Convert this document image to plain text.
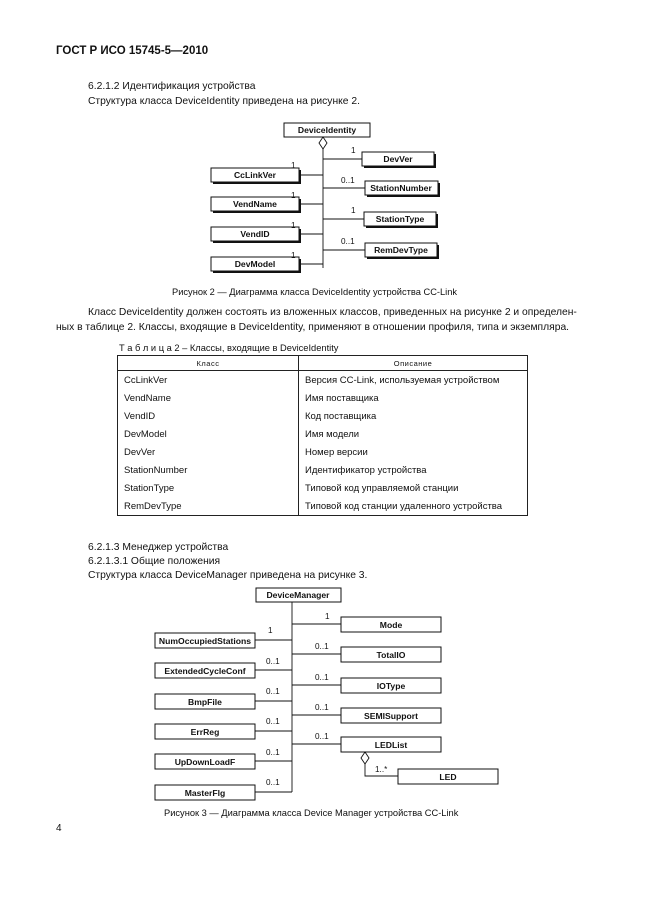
ГОСТ Р ИСО 15745-5—2010
6.2.1.2 Идентификация устройства
Структура класса DeviceIdentity приведена на рисунке 2.
DeviceIdentity
CcLinkVer
VendName
VendID
DevModel
1
1
1
1
DevVer
StationNumber
StationType
RemDevType
1
0..1
1
0..1
DeviceManager
NumOccupiedStations
ExtendedCycleConf
BmpFile
ErrReg
UpDownLoadF
MasterFlg
1
0..1
0..1
0..1
0..1
0..1
Mode
TotalIO
IOType
SEMISupport
LEDList
1
0..1
0..1
0..1
0..1
LED
1..*
Рисунок 2 — Диаграмма класса DeviceIdentity устройства CC-Link
Класс DeviceIdentity должен состоять из вложенных классов, приведенных на рисунке 2 и определен-
ных в таблице 2. Классы, входящие в DeviceIdentity, применяют в отношении профиля, типа и экземпляра.
Т а б л и ц а 2 – Классы, входящие в DeviceIdentity
Класс	Описание
CcLinkVer	Версия CC-Link, используемая устройством
VendName	Имя поставщика
VendID	Код поставщика
DevModel	Имя модели
DevVer	Номер версии
StationNumber	Идентификатор устройства
StationType	Типовой код управляемой станции
RemDevType	Типовой код станции удаленного устройства
6.2.1.3 Менеджер устройства
6.2.1.3.1 Общие положения
Структура класса DeviceManager приведена на рисунке 3.
Рисунок 3 — Диаграмма класса Device Manager устройства CC-Link
4
